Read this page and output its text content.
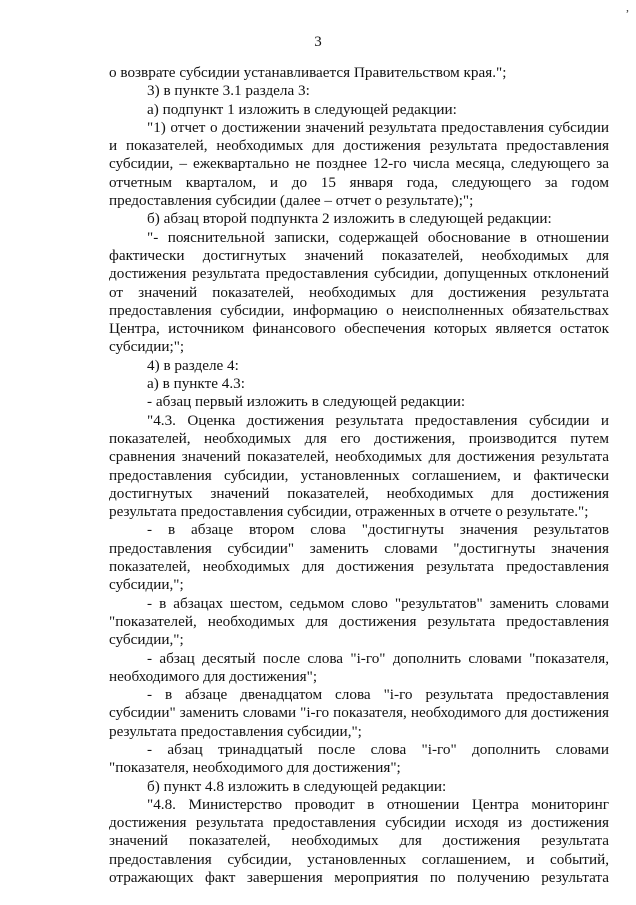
3

о возврате субсидии устанавливается Правительством края.";

3) в пункте 3.1 раздела 3:

а) подпункт 1 изложить в следующей редакции:

"1) отчет о достижении значений результата предоставления субсидии и показателей, необходимых для достижения результата предоставления субсидии, – ежеквартально не позднее 12-го числа месяца, следующего за отчетным кварталом, и до 15 января года, следующего за годом предоставления субсидии (далее – отчет о результате);";

б) абзац второй подпункта 2 изложить в следующей редакции:

"- пояснительной записки, содержащей обоснование в отношении фактически достигнутых значений показателей, необходимых для достижения результата предоставления субсидии, допущенных отклонений от значений показателей, необходимых для достижения результата предоставления субсидии, информацию о неисполненных обязательствах Центра, источником финансового обеспечения которых является остаток субсидии;";

4) в разделе 4:

а) в пункте 4.3:

- абзац первый изложить в следующей редакции:

"4.3. Оценка достижения результата предоставления субсидии и показателей, необходимых для его достижения, производится путем сравнения значений показателей, необходимых для достижения результата предоставления субсидии, установленных соглашением, и фактически достигнутых значений показателей, необходимых для достижения результата предоставления субсидии, отраженных в отчете о результате.";

- в абзаце втором слова "достигнуты значения результатов предоставления субсидии" заменить словами "достигнуты значения показателей, необходимых для достижения результата предоставления субсидии,";

- в абзацах шестом, седьмом слово "результатов" заменить словами "показателей, необходимых для достижения результата предоставления субсидии,";

- абзац десятый после слова "i-го" дополнить словами "показателя, необходимого для достижения";

- в абзаце двенадцатом слова "i-го результата предоставления субсидии" заменить словами "i-го показателя, необходимого для достижения результата предоставления субсидии,";

- абзац тринадцатый после слова "i-го" дополнить словами "показателя, необходимого для достижения";

б) пункт 4.8 изложить в следующей редакции:

"4.8. Министерство проводит в отношении Центра мониторинг достижения результата предоставления субсидии исходя из достижения значений показателей, необходимых для достижения результата предоставления субсидии, установленных соглашением, и событий, отражающих факт завершения мероприятия по получению результата

,
